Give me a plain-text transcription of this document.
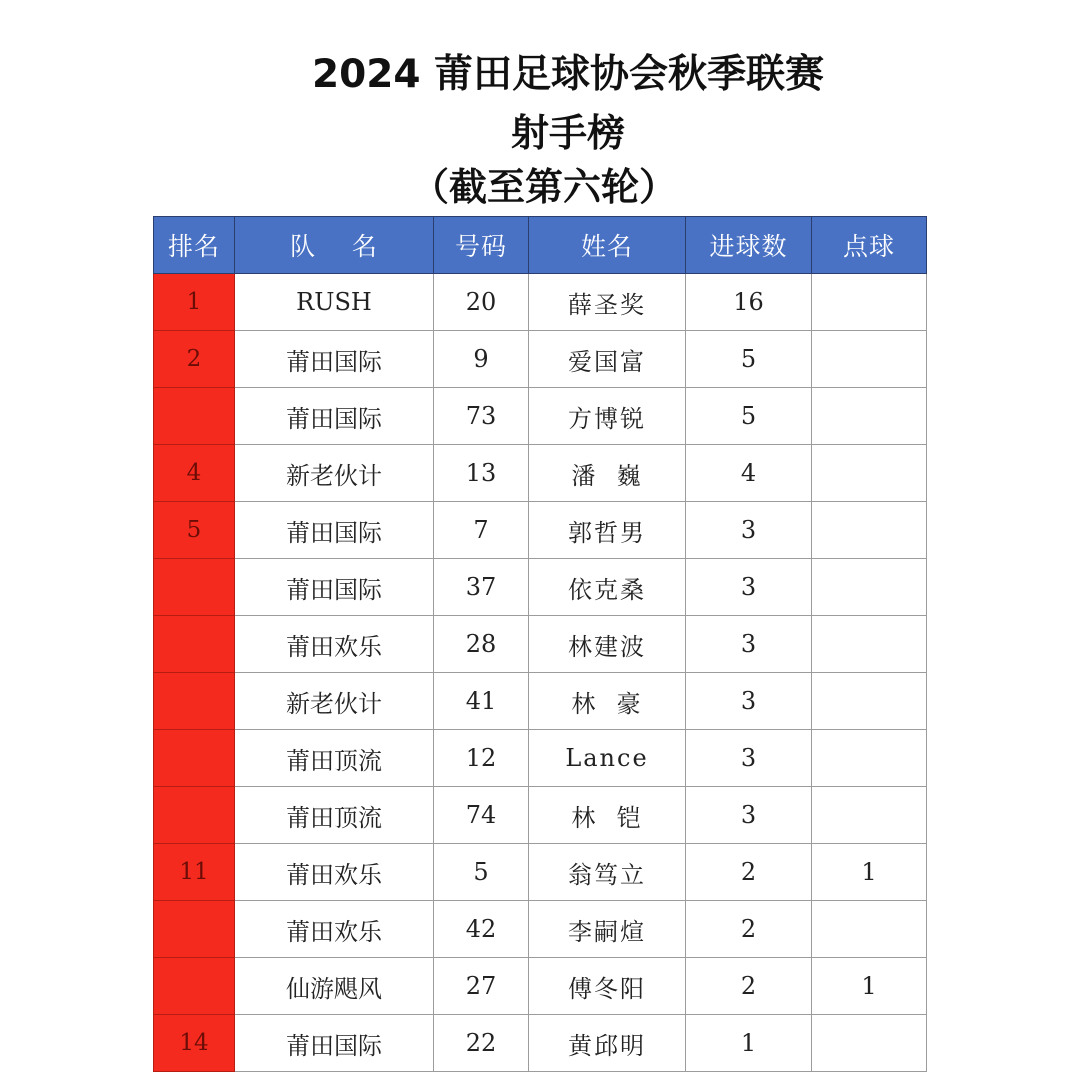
2024 莆田足球协会秋季联赛
射手榜
（截至第六轮）
排名	队    名	号码	姓名	进球数	点球
1	RUSH	20	薛圣奖	16	
2	莆田国际	9	爱国富	5	
	莆田国际	73	方博锐	5	
4	新老伙计	13	潘  巍	4	
5	莆田国际	7	郭哲男	3	
	莆田国际	37	依克桑	3	
	莆田欢乐	28	林建波	3	
	新老伙计	41	林  豪	3	
	莆田顶流	12	Lance	3	
	莆田顶流	74	林  铠	3	
11	莆田欢乐	5	翁笃立	2	1
	莆田欢乐	42	李嗣煊	2	
	仙游飓风	27	傅冬阳	2	1
14	莆田国际	22	黄邱明	1	
